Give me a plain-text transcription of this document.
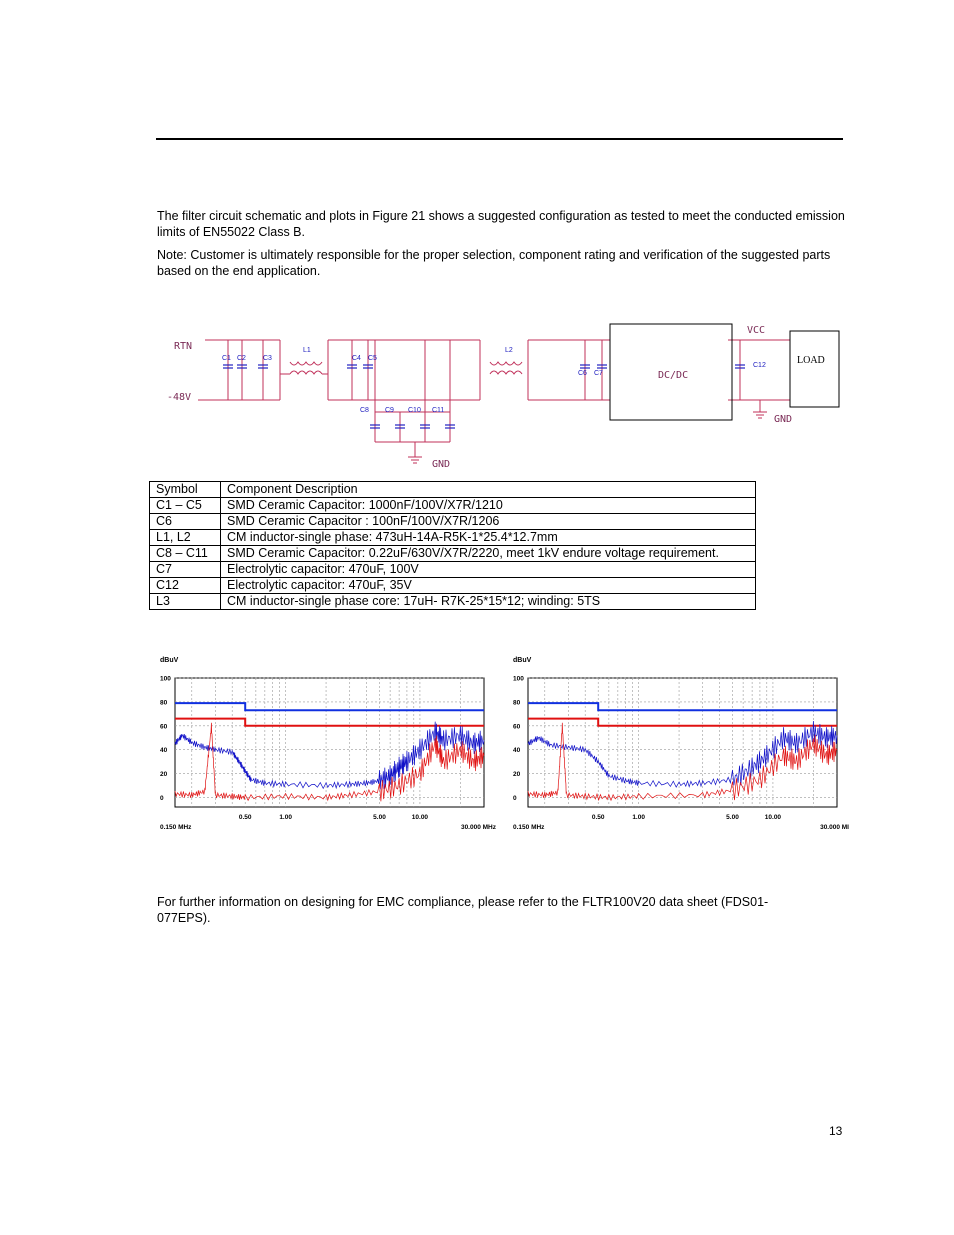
The filter circuit schematic and plots in Figure 21 shows a suggested configuration as tested to meet the conducted emission limits of EN55022 Class B.

Note: Customer is ultimately responsible for the proper selection, component rating and verification of the suggested parts based on the end application.

RTN
-48V
GND
GND
VCC
DC/DC
LOAD
C1 C2 C3
L1
C4 C5
L2
C6 C7
C8 C9 C10 C11
C12
Symbol	Component Description
C1 – C5	SMD Ceramic Capacitor: 1000nF/100V/X7R/1210
C6	SMD Ceramic Capacitor : 100nF/100V/X7R/1206
L1, L2	CM inductor-single phase: 473uH-14A-R5K-1*25.4*12.7mm
C8 – C11	SMD Ceramic Capacitor: 0.22uF/630V/X7R/2220, meet 1kV endure voltage requirement.
C7	Electrolytic capacitor: 470uF, 100V
C12	Electrolytic capacitor: 470uF, 35V
L3	CM inductor-single phase core: 17uH- R7K-25*15*12; winding: 5TS
dBuV
100
80
60
40
20
0
0.50	1.00	5.00	10.00
0.150 MHz	30.000 MHz
dBuV
100
80
60
40
20
0
0.50	1.00	5.00	10.00
0.150 MHz	30.000 MI

For further information on designing for EMC compliance, please refer to the FLTR100V20 data sheet (FDS01-077EPS).

13
